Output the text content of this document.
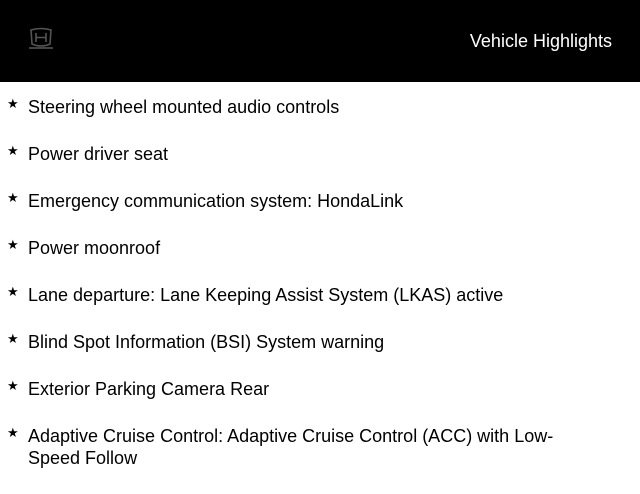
Vehicle Highlights
★ Steering wheel mounted audio controls
★ Power driver seat
★ Emergency communication system: HondaLink
★ Power moonroof
★ Lane departure: Lane Keeping Assist System (LKAS) active
★ Blind Spot Information (BSI) System warning
★ Exterior Parking Camera Rear
★ Adaptive Cruise Control: Adaptive Cruise Control (ACC) with Low-Speed Follow
